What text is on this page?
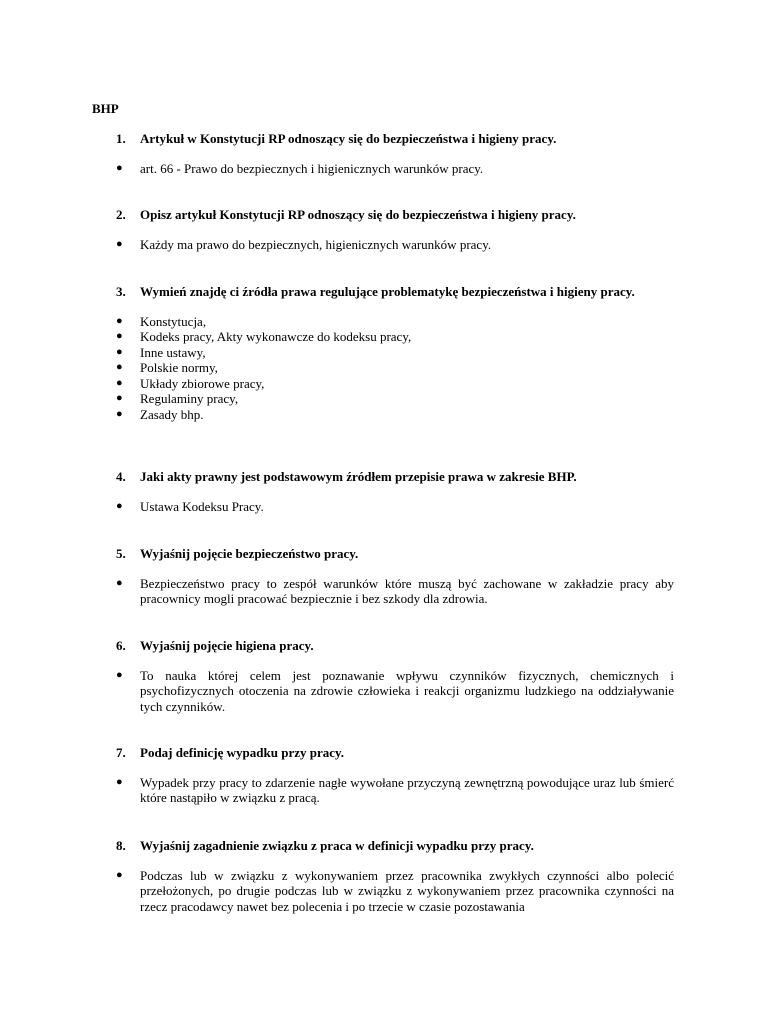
BHP
1.	Artykuł w Konstytucji RP odnoszący się do bezpieczeństwa i higieny pracy.
●	art. 66 - Prawo do bezpiecznych i higienicznych warunków pracy.
2.	Opisz artykuł Konstytucji RP odnoszący się do bezpieczeństwa i higieny pracy.
●	Każdy ma prawo do bezpiecznych, higienicznych warunków pracy.
3.	Wymień znajdę ci źródła prawa regulujące problematykę bezpieczeństwa i higieny pracy.
●	Konstytucja,
●	Kodeks pracy, Akty wykonawcze do kodeksu pracy,
●	Inne ustawy,
●	Polskie normy,
●	Układy zbiorowe pracy,
●	Regulaminy pracy,
●	Zasady bhp.
4.	Jaki akty prawny jest podstawowym źródłem przepisie prawa w zakresie BHP.
●	Ustawa Kodeksu Pracy.
5.	Wyjaśnij pojęcie bezpieczeństwo pracy.
●	Bezpieczeństwo pracy to zespół warunków które muszą być zachowane w zakładzie pracy aby pracownicy mogli pracować bezpiecznie i bez szkody dla zdrowia.
6.	Wyjaśnij pojęcie higiena pracy.
●	To nauka której celem jest poznawanie wpływu czynników fizycznych, chemicznych i psychofizycznych otoczenia na zdrowie człowieka i reakcji organizmu ludzkiego na oddziaływanie tych czynników.
7.	Podaj definicję wypadku przy pracy.
●	Wypadek przy pracy to zdarzenie nagłe wywołane przyczyną zewnętrzną powodujące uraz lub śmierć które nastąpiło w związku z pracą.
8.	Wyjaśnij zagadnienie związku z praca w definicji wypadku przy pracy.
●	Podczas lub w związku z wykonywaniem przez pracownika zwykłych czynności albo polecić przełożonych, po drugie podczas lub w związku z wykonywaniem przez pracownika czynności na rzecz pracodawcy nawet bez polecenia i po trzecie w czasie pozostawania
